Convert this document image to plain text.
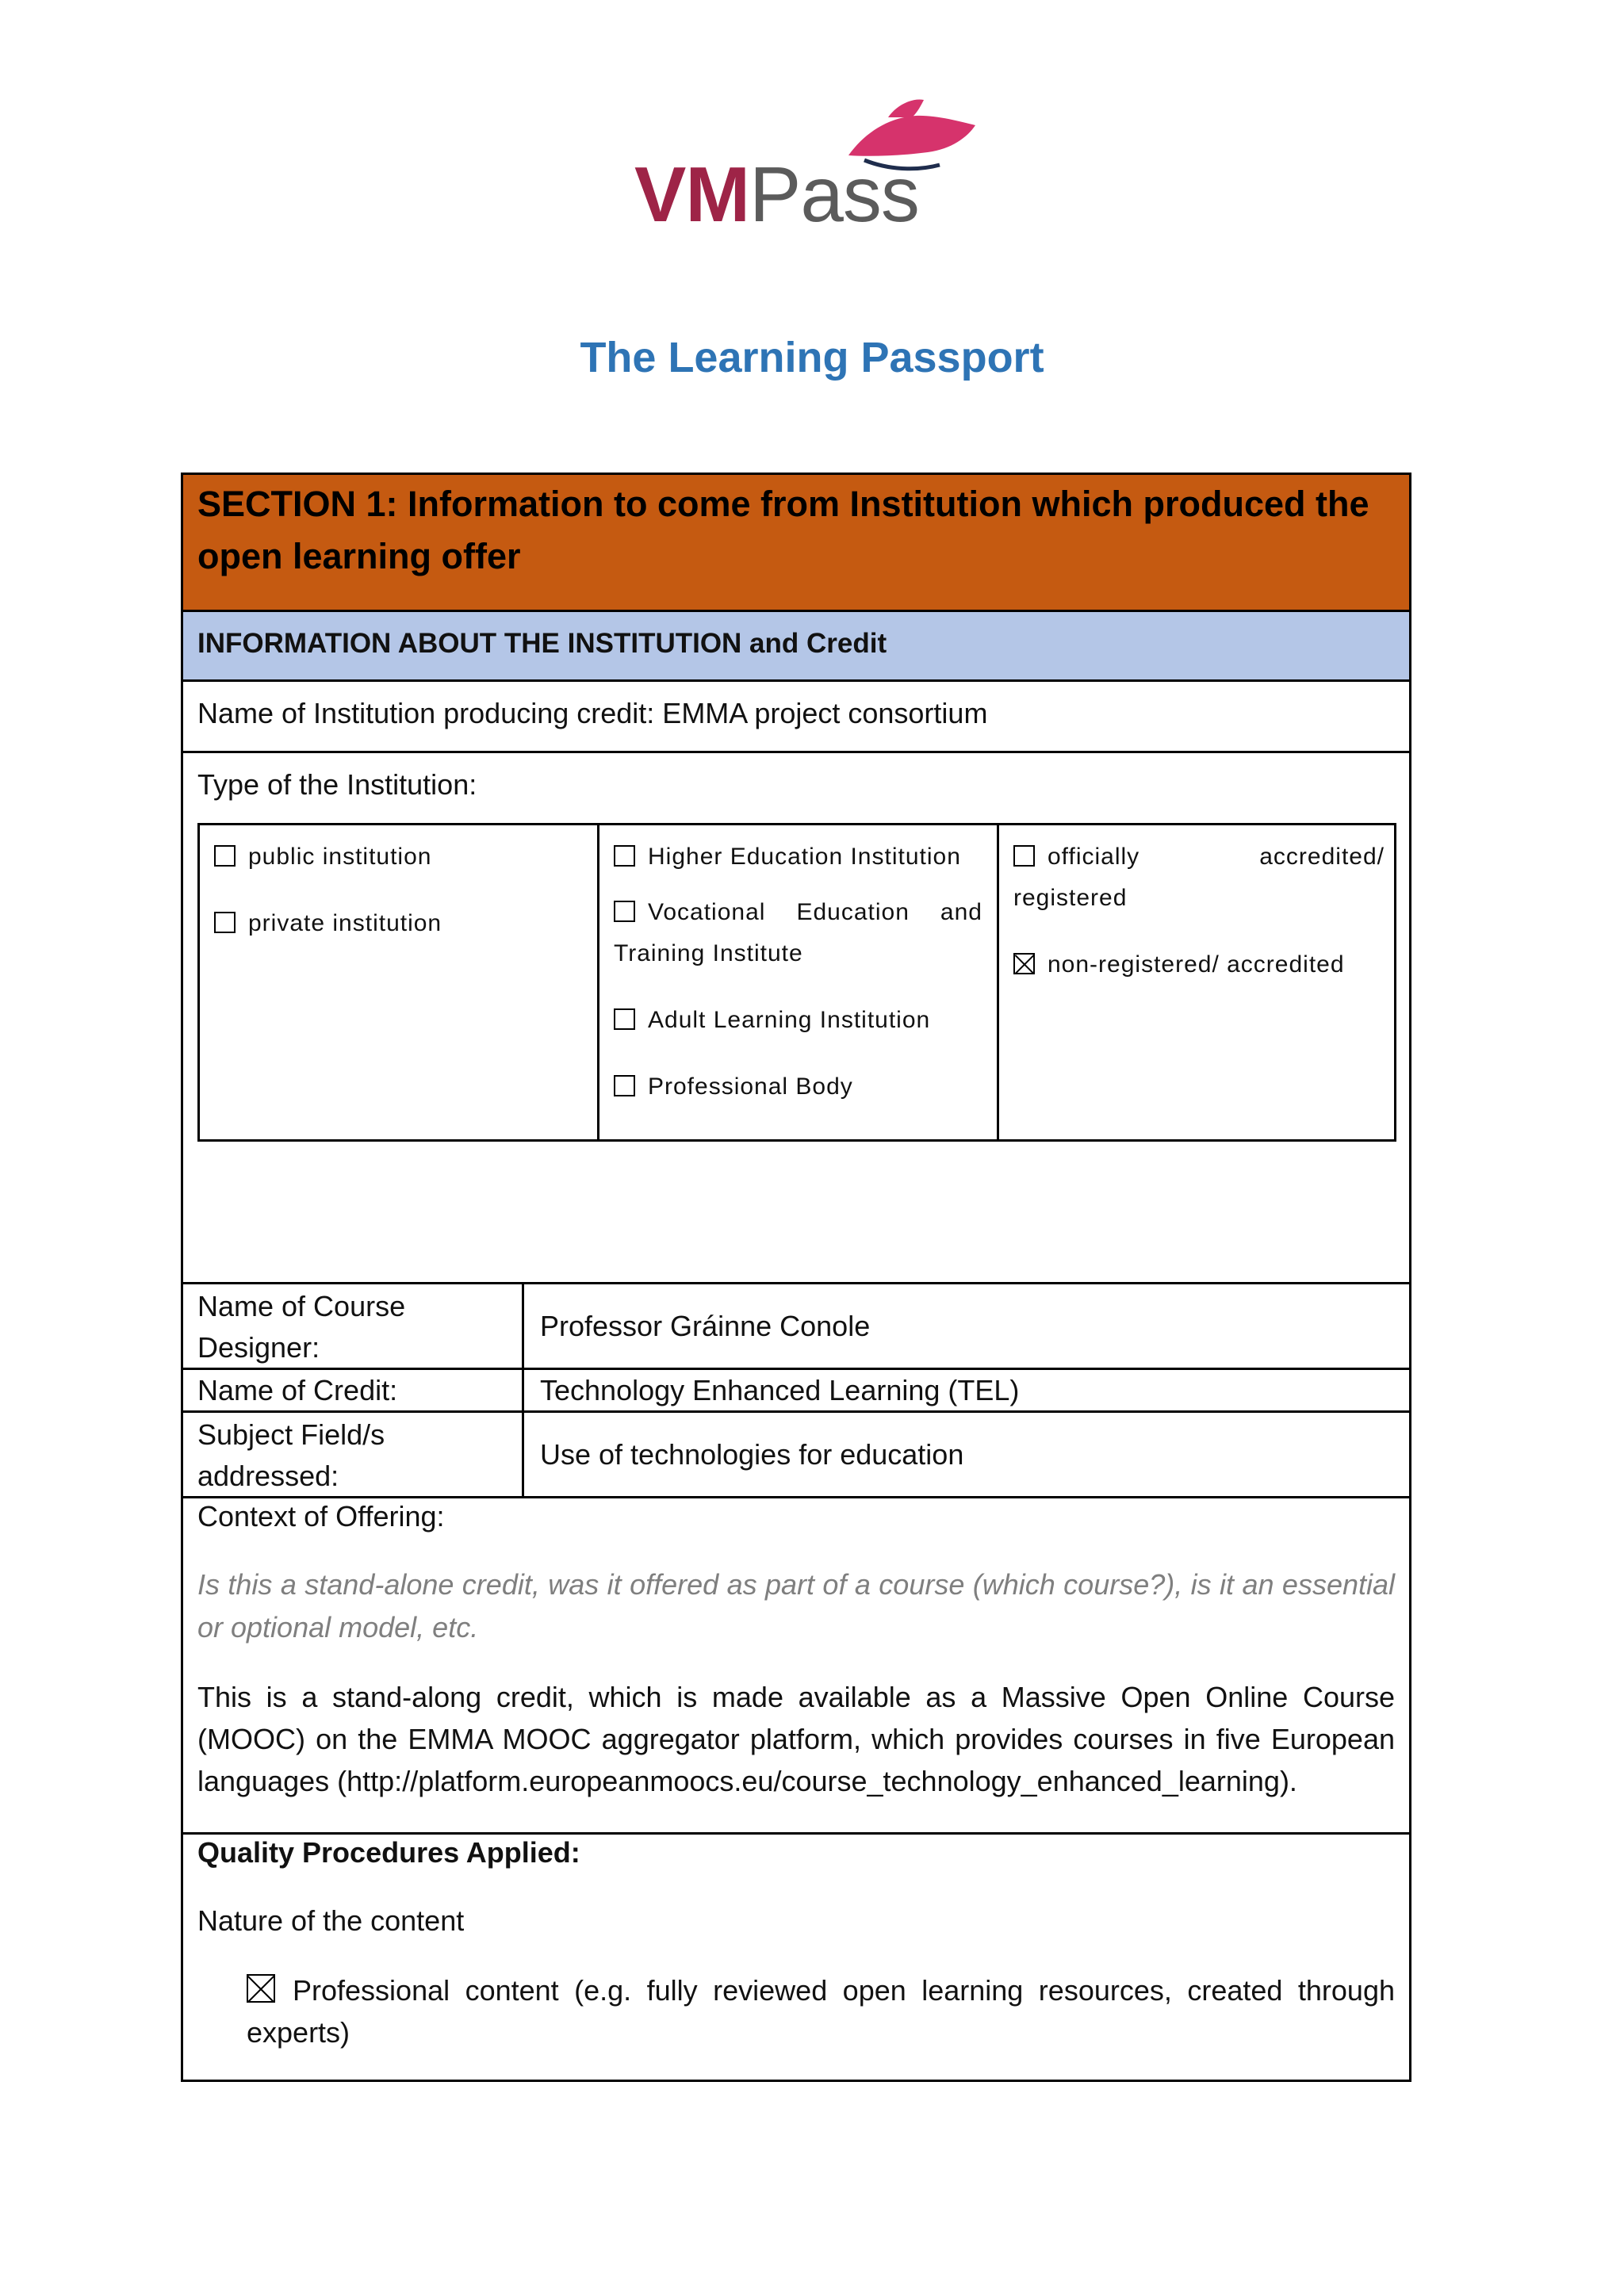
VMPass
The Learning Passport
SECTION 1: Information to come from Institution which produced the open learning offer
INFORMATION ABOUT THE INSTITUTION and Credit
Name of Institution producing credit: EMMA project consortium
Type of the Institution:
public institution
private institution
Higher Education Institution
Vocational Education and Training Institute
Adult Learning Institution
Professional Body
officially accredited/ registered
non-registered/ accredited
Name of Course Designer:
Professor Gráinne Conole
Name of Credit:	Technology Enhanced Learning (TEL)
Subject Field/s addressed:
Use of technologies for education
Context of Offering:
Is this a stand-alone credit, was it offered as part of a course (which course?), is it an essential or optional model, etc.
This is a stand-along credit, which is made available as a Massive Open Online Course (MOOC) on the EMMA MOOC aggregator platform, which provides courses in five European languages (http://platform.europeanmoocs.eu/course_technology_enhanced_learning).
Quality Procedures Applied:
Nature of the content
Professional content (e.g. fully reviewed open learning resources, created through experts)
